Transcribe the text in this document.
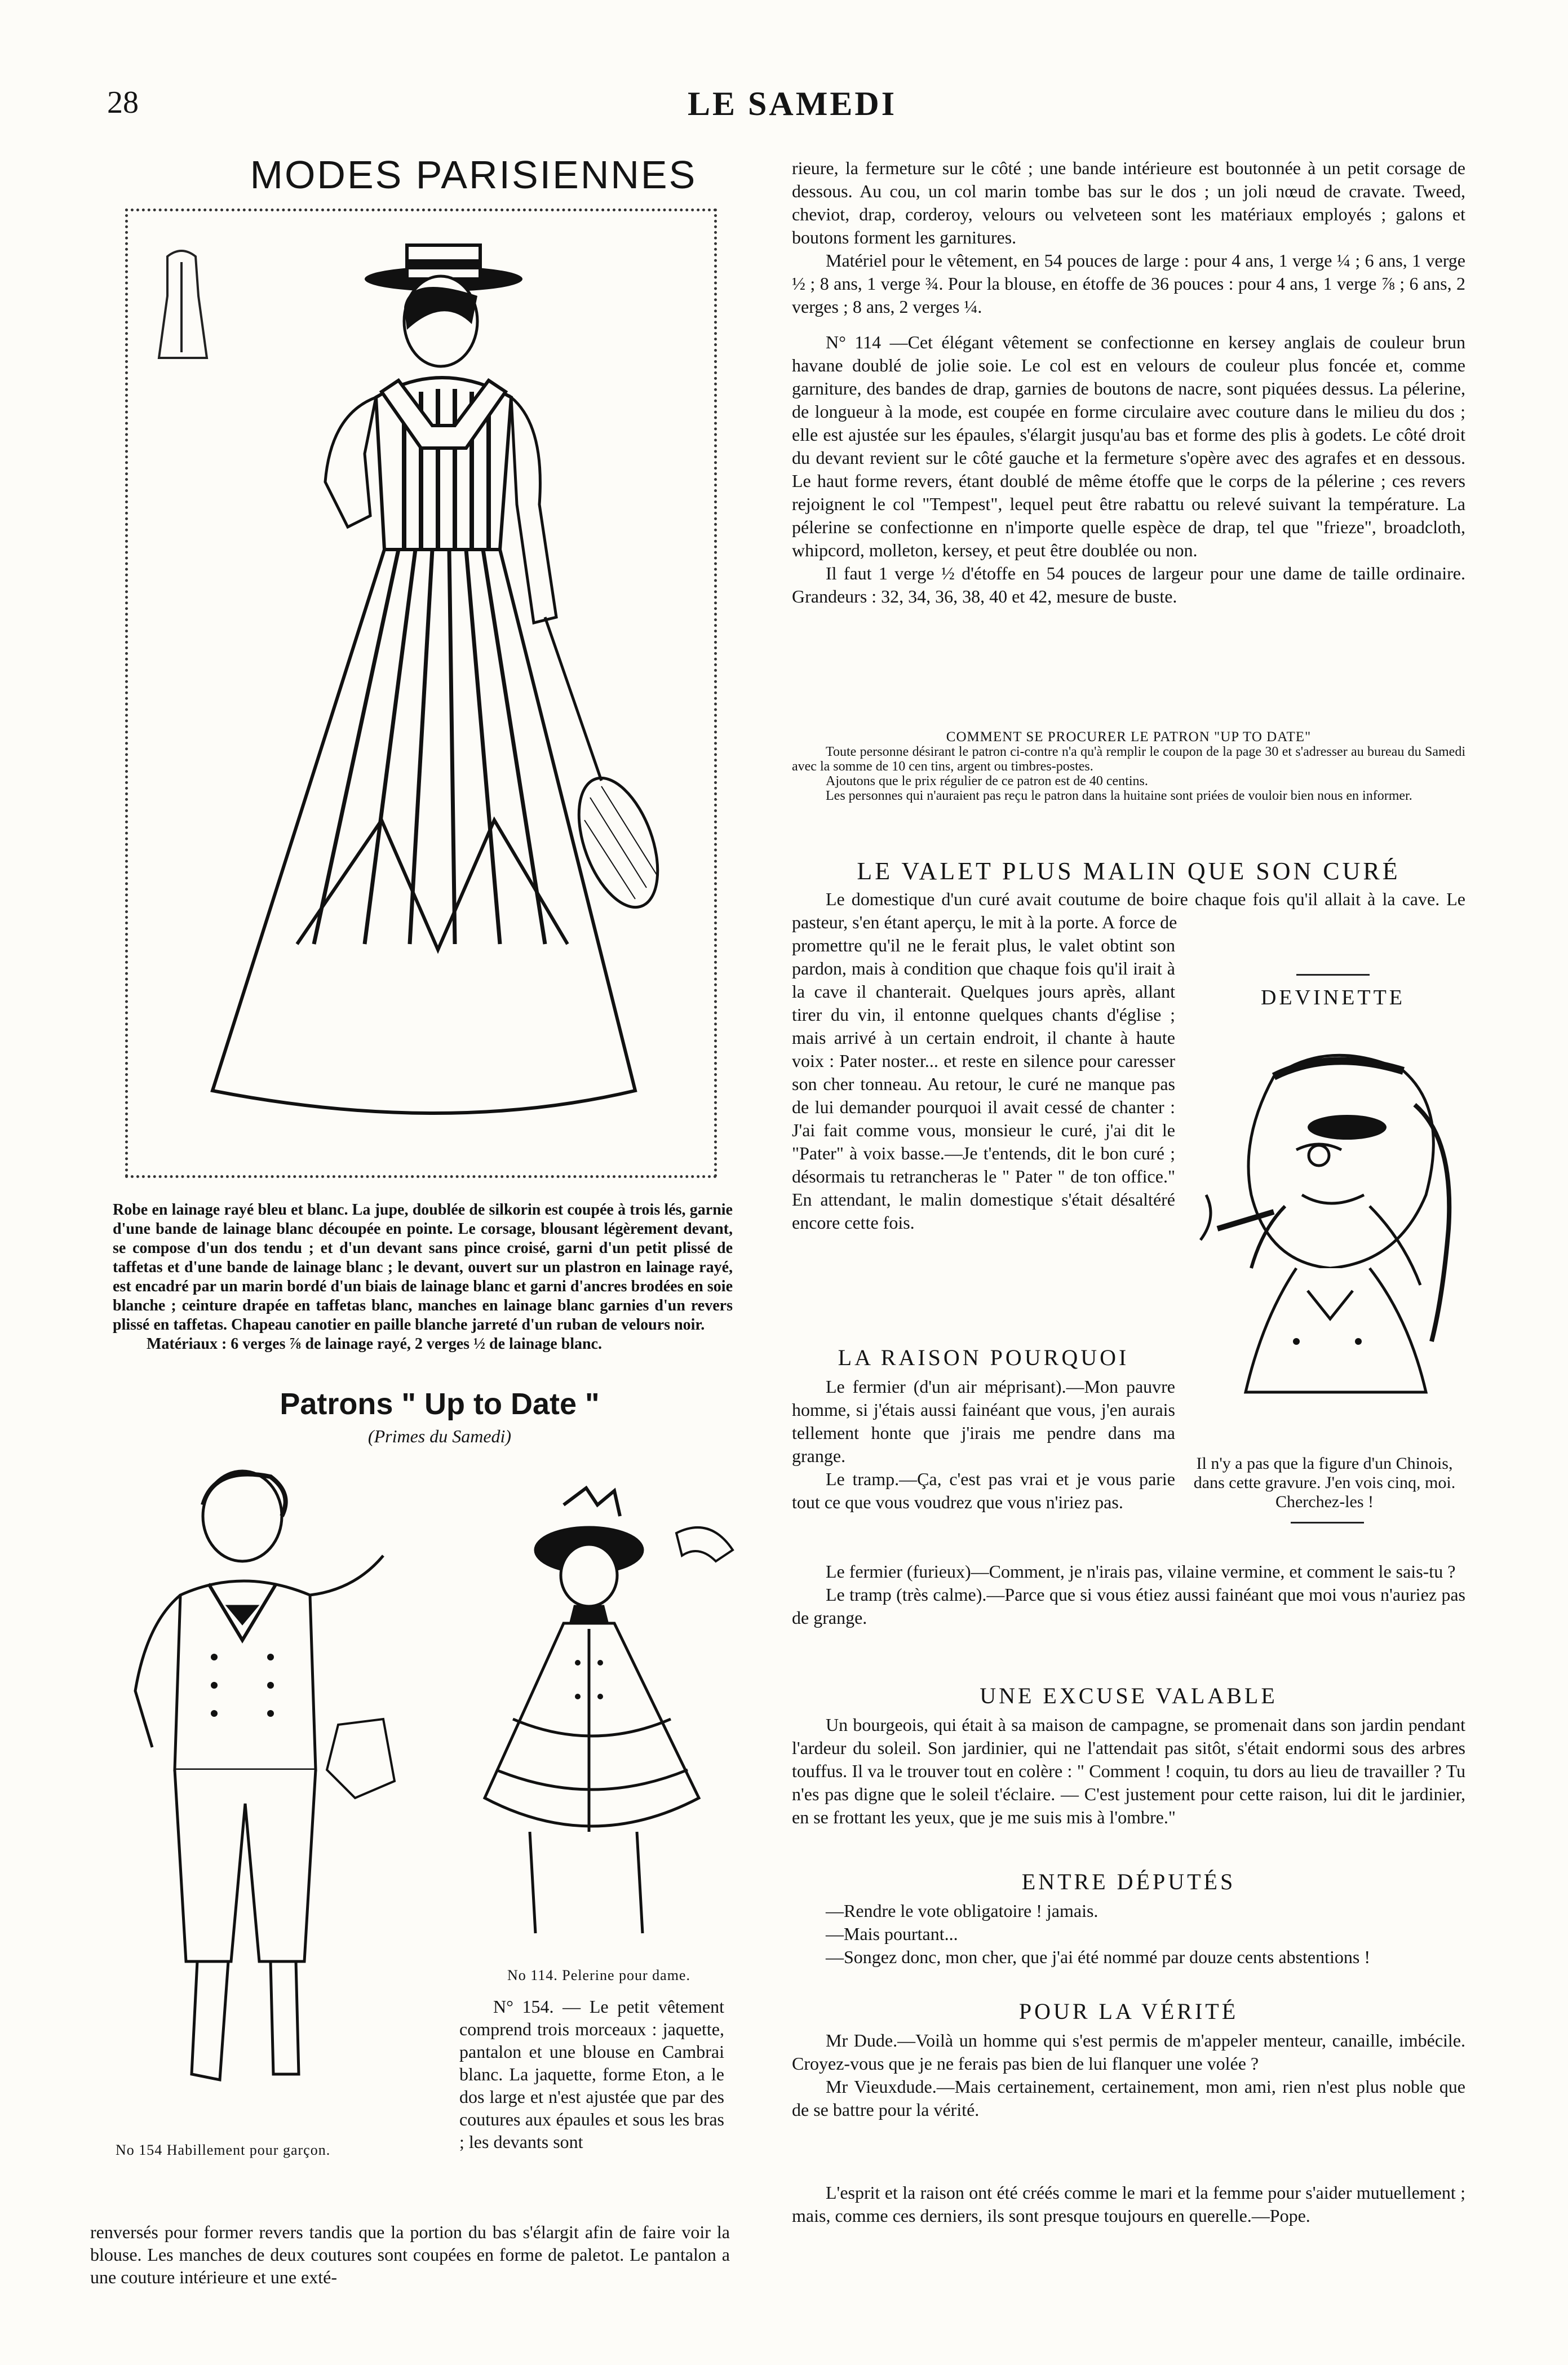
28	LE SAMEDI
MODES PARISIENNES

Robe en lainage rayé bleu et blanc. La jupe, doublée de silkorin est coupée à trois lés, garnie d'une bande de lainage blanc découpée en pointe. Le corsage, blousant légèrement devant, se compose d'un dos tendu ; et d'un devant sans pince croisé, garni d'un petit plissé de taffetas et d'une bande de lainage blanc ; le devant, ouvert sur un plastron en lainage rayé, est encadré par un marin bordé d'un biais de lainage blanc et garni d'ancres brodées en soie blanche ; ceinture drapée en taffetas blanc, manches en lainage blanc garnies d'un revers plissé en taffetas. Chapeau canotier en paille blanche jarreté d'un ruban de velours noir.

Matériaux : 6 verges ⅞ de lainage rayé, 2 verges ½ de lainage blanc.

Patrons " Up to Date "
(Primes du Samedi)
No 114. Pelerine pour dame.
No 154 Habillement pour garçon.

N° 154. — Le petit vêtement comprend trois morceaux : jaquette, pantalon et une blouse en Cambrai blanc. La jaquette, forme Eton, a le dos large et n'est ajustée que par des coutures aux épaules et sous les bras ; les devants sont

renversés pour former revers tandis que la portion du bas s'élargit afin de faire voir la blouse. Les manches de deux coutures sont coupées en forme de paletot. Le pantalon a une couture intérieure et une exté-

rieure, la fermeture sur le côté ; une bande intérieure est boutonnée à un petit corsage de dessous. Au cou, un col marin tombe bas sur le dos ; un joli nœud de cravate. Tweed, cheviot, drap, corderoy, velours ou velveteen sont les matériaux employés ; galons et boutons forment les garnitures.

Matériel pour le vêtement, en 54 pouces de large : pour 4 ans, 1 verge ¼ ; 6 ans, 1 verge ½ ; 8 ans, 1 verge ¾. Pour la blouse, en étoffe de 36 pouces : pour 4 ans, 1 verge ⅞ ; 6 ans, 2 verges ; 8 ans, 2 verges ¼.

N° 114 —Cet élégant vêtement se confectionne en kersey anglais de couleur brun havane doublé de jolie soie. Le col est en velours de couleur plus foncée et, comme garniture, des bandes de drap, garnies de boutons de nacre, sont piquées dessus. La pélerine, de longueur à la mode, est coupée en forme circulaire avec couture dans le milieu du dos ; elle est ajustée sur les épaules, s'élargit jusqu'au bas et forme des plis à godets. Le côté droit du devant revient sur le côté gauche et la fermeture s'opère avec des agrafes et en dessous. Le haut forme revers, étant doublé de même étoffe que le corps de la pélerine ; ces revers rejoignent le col "Tempest", lequel peut être rabattu ou relevé suivant la température. La pélerine se confectionne en n'importe quelle espèce de drap, tel que "frieze", broadcloth, whipcord, molleton, kersey, et peut être doublée ou non.

Il faut 1 verge ½ d'étoffe en 54 pouces de largeur pour une dame de taille ordinaire. Grandeurs : 32, 34, 36, 38, 40 et 42, mesure de buste.

COMMENT SE PROCURER LE PATRON "UP TO DATE"

Toute personne désirant le patron ci-contre n'a qu'à remplir le coupon de la page 30 et s'adresser au bureau du Samedi avec la somme de 10 cen tins, argent ou timbres-postes.

Ajoutons que le prix régulier de ce patron est de 40 centins.

Les personnes qui n'auraient pas reçu le patron dans la huitaine sont priées de vouloir bien nous en informer.

LE VALET PLUS MALIN QUE SON CURÉ

Le domestique d'un curé avait coutume de boire chaque fois qu'il allait à la cave. Le pasteur, s'en étant aperçu, le mit à la porte. A force de

promettre qu'il ne le ferait plus, le valet obtint son pardon, mais à condition que chaque fois qu'il irait à la cave il chanterait. Quelques jours après, allant tirer du vin, il entonne quelques chants d'église ; mais arrivé à un certain endroit, il chante à haute voix : Pater noster... et reste en silence pour caresser son cher tonneau. Au retour, le curé ne manque pas de lui demander pourquoi il avait cessé de chanter : J'ai fait comme vous, monsieur le curé, j'ai dit le "Pater" à voix basse.—Je t'entends, dit le bon curé ; désormais tu retrancheras le " Pater " de ton office." En attendant, le malin domestique s'était désaltéré encore cette fois.

DEVINETTE

Il n'y a pas que la figure d'un Chinois, dans cette gravure. J'en vois cinq, moi. Cherchez-les !

LA RAISON POURQUOI

Le fermier (d'un air méprisant).—Mon pauvre homme, si j'étais aussi fainéant que vous, j'en aurais tellement honte que j'irais me pendre dans ma grange.

Le tramp.—Ça, c'est pas vrai et je vous parie tout ce que vous voudrez que vous n'iriez pas.

Le fermier (furieux)—Comment, je n'irais pas, vilaine vermine, et comment le sais-tu ?

Le tramp (très calme).—Parce que si vous étiez aussi fainéant que moi vous n'auriez pas de grange.

UNE EXCUSE VALABLE

Un bourgeois, qui était à sa maison de campagne, se promenait dans son jardin pendant l'ardeur du soleil. Son jardinier, qui ne l'attendait pas sitôt, s'était endormi sous des arbres touffus. Il va le trouver tout en colère : " Comment ! coquin, tu dors au lieu de travailler ? Tu n'es pas digne que le soleil t'éclaire. — C'est justement pour cette raison, lui dit le jardinier, en se frottant les yeux, que je me suis mis à l'ombre."

ENTRE DÉPUTÉS

—Rendre le vote obligatoire ! jamais.

—Mais pourtant...

—Songez donc, mon cher, que j'ai été nommé par douze cents abstentions !

POUR LA VÉRITÉ

Mr Dude.—Voilà un homme qui s'est permis de m'appeler menteur, canaille, imbécile. Croyez-vous que je ne ferais pas bien de lui flanquer une volée ?

Mr Vieuxdude.—Mais certainement, certainement, mon ami, rien n'est plus noble que de se battre pour la vérité.

L'esprit et la raison ont été créés comme le mari et la femme pour s'aider mutuellement ; mais, comme ces derniers, ils sont presque toujours en querelle.—Pope.
